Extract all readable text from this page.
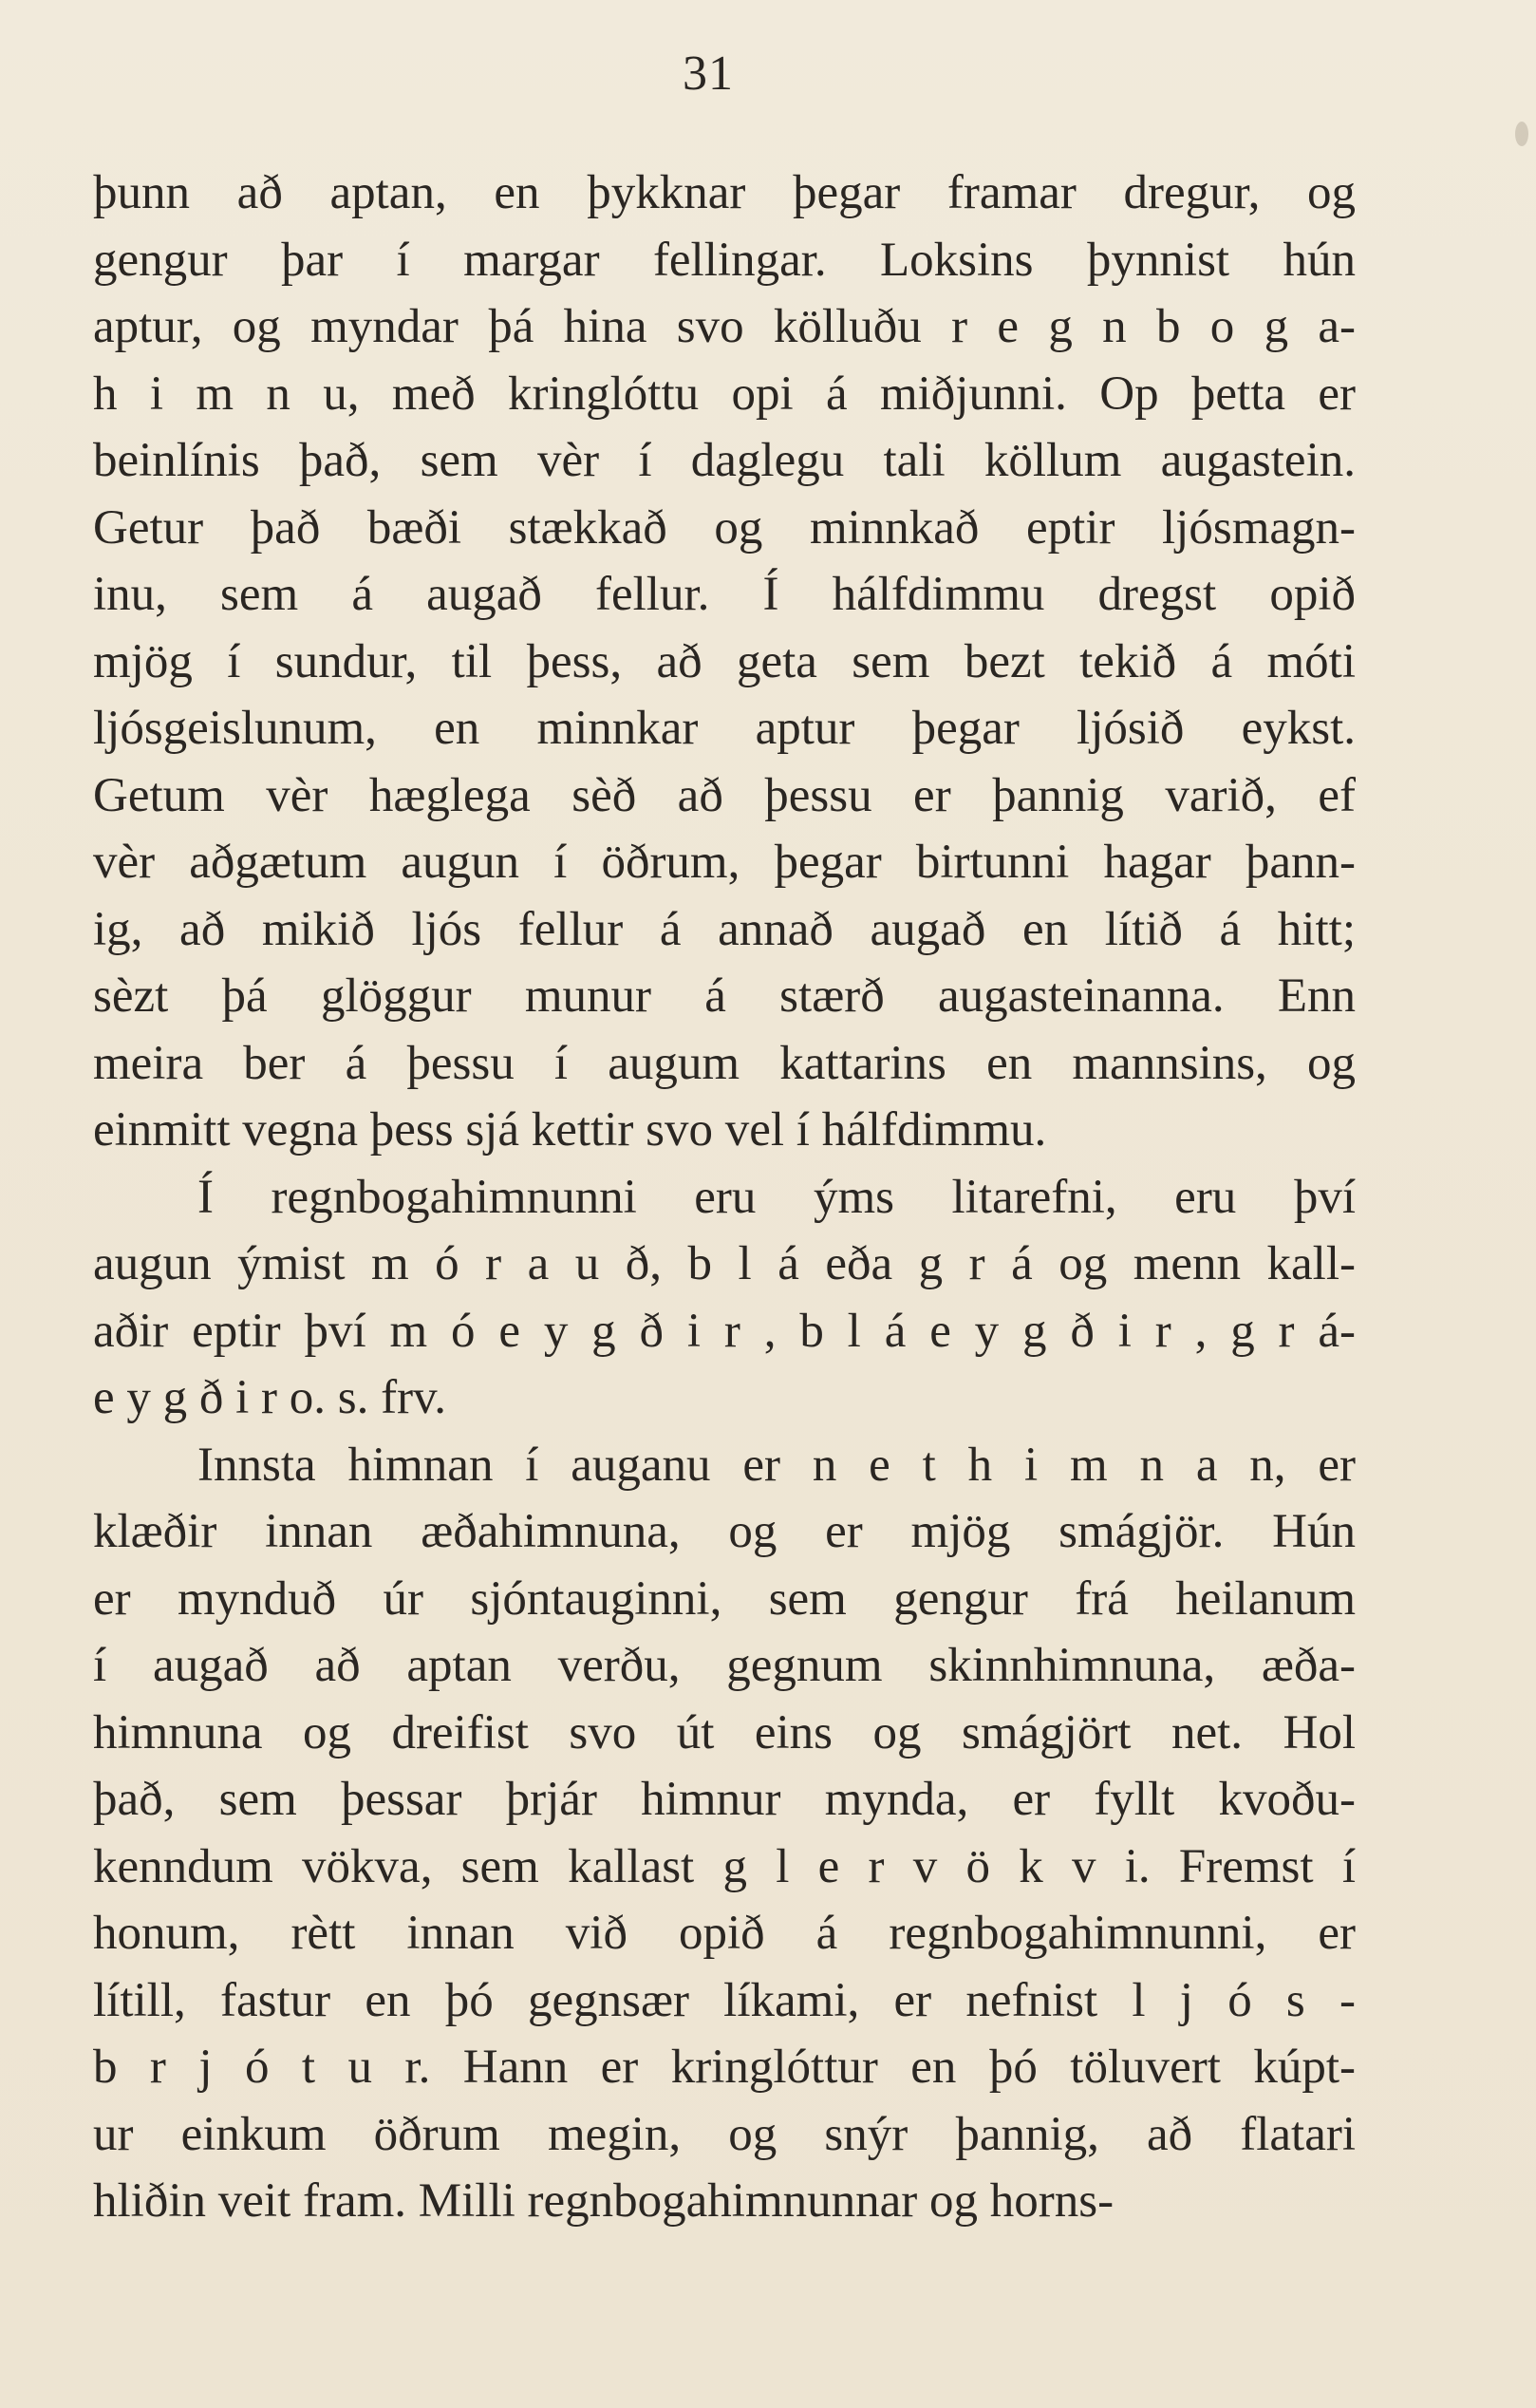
31
þunn að aptan, en þykknar þegar framar dregur, og
gengur þar í margar fellingar. Loksins þynnist hún
aptur, og myndar þá hina svo kölluðu r e g n b o g a-
h i m n u, með kringlóttu opi á miðjunni. Op þetta er
beinlínis það, sem vèr í daglegu tali köllum augastein.
Getur það bæði stækkað og minnkað eptir ljósmagn-
inu, sem á augað fellur. Í hálfdimmu dregst opið
mjög í sundur, til þess, að geta sem bezt tekið á móti
ljósgeislunum, en minnkar aptur þegar ljósið eykst.
Getum vèr hæglega sèð að þessu er þannig varið, ef
vèr aðgætum augun í öðrum, þegar birtunni hagar þann-
ig, að mikið ljós fellur á annað augað en lítið á hitt;
sèzt þá glöggur munur á stærð augasteinanna. Enn
meira ber á þessu í augum kattarins en mannsins, og
einmitt vegna þess sjá kettir svo vel í hálfdimmu.
Í regnbogahimnunni eru ýms litarefni, eru því
augun ýmist m ó r a u ð, b l á eða g r á og menn kall-
aðir eptir því m ó e y g ð i r , b l á e y g ð i r , g r á-
e y g ð i r o. s. frv.
Innsta himnan í auganu er n e t h i m n a n, er
klæðir innan æðahimnuna, og er mjög smágjör. Hún
er mynduð úr sjóntauginni, sem gengur frá heilanum
í augað að aptan verðu, gegnum skinnhimnuna, æða-
himnuna og dreifist svo út eins og smágjört net. Hol
það, sem þessar þrjár himnur mynda, er fyllt kvoðu-
kenndum vökva, sem kallast g l e r v ö k v i. Fremst í
honum, rètt innan við opið á regnbogahimnunni, er
lítill, fastur en þó gegnsær líkami, er nefnist l j ó s -
b r j ó t u r. Hann er kringlóttur en þó töluvert kúpt-
ur einkum öðrum megin, og snýr þannig, að flatari
hliðin veit fram. Milli regnbogahimnunnar og horns-
